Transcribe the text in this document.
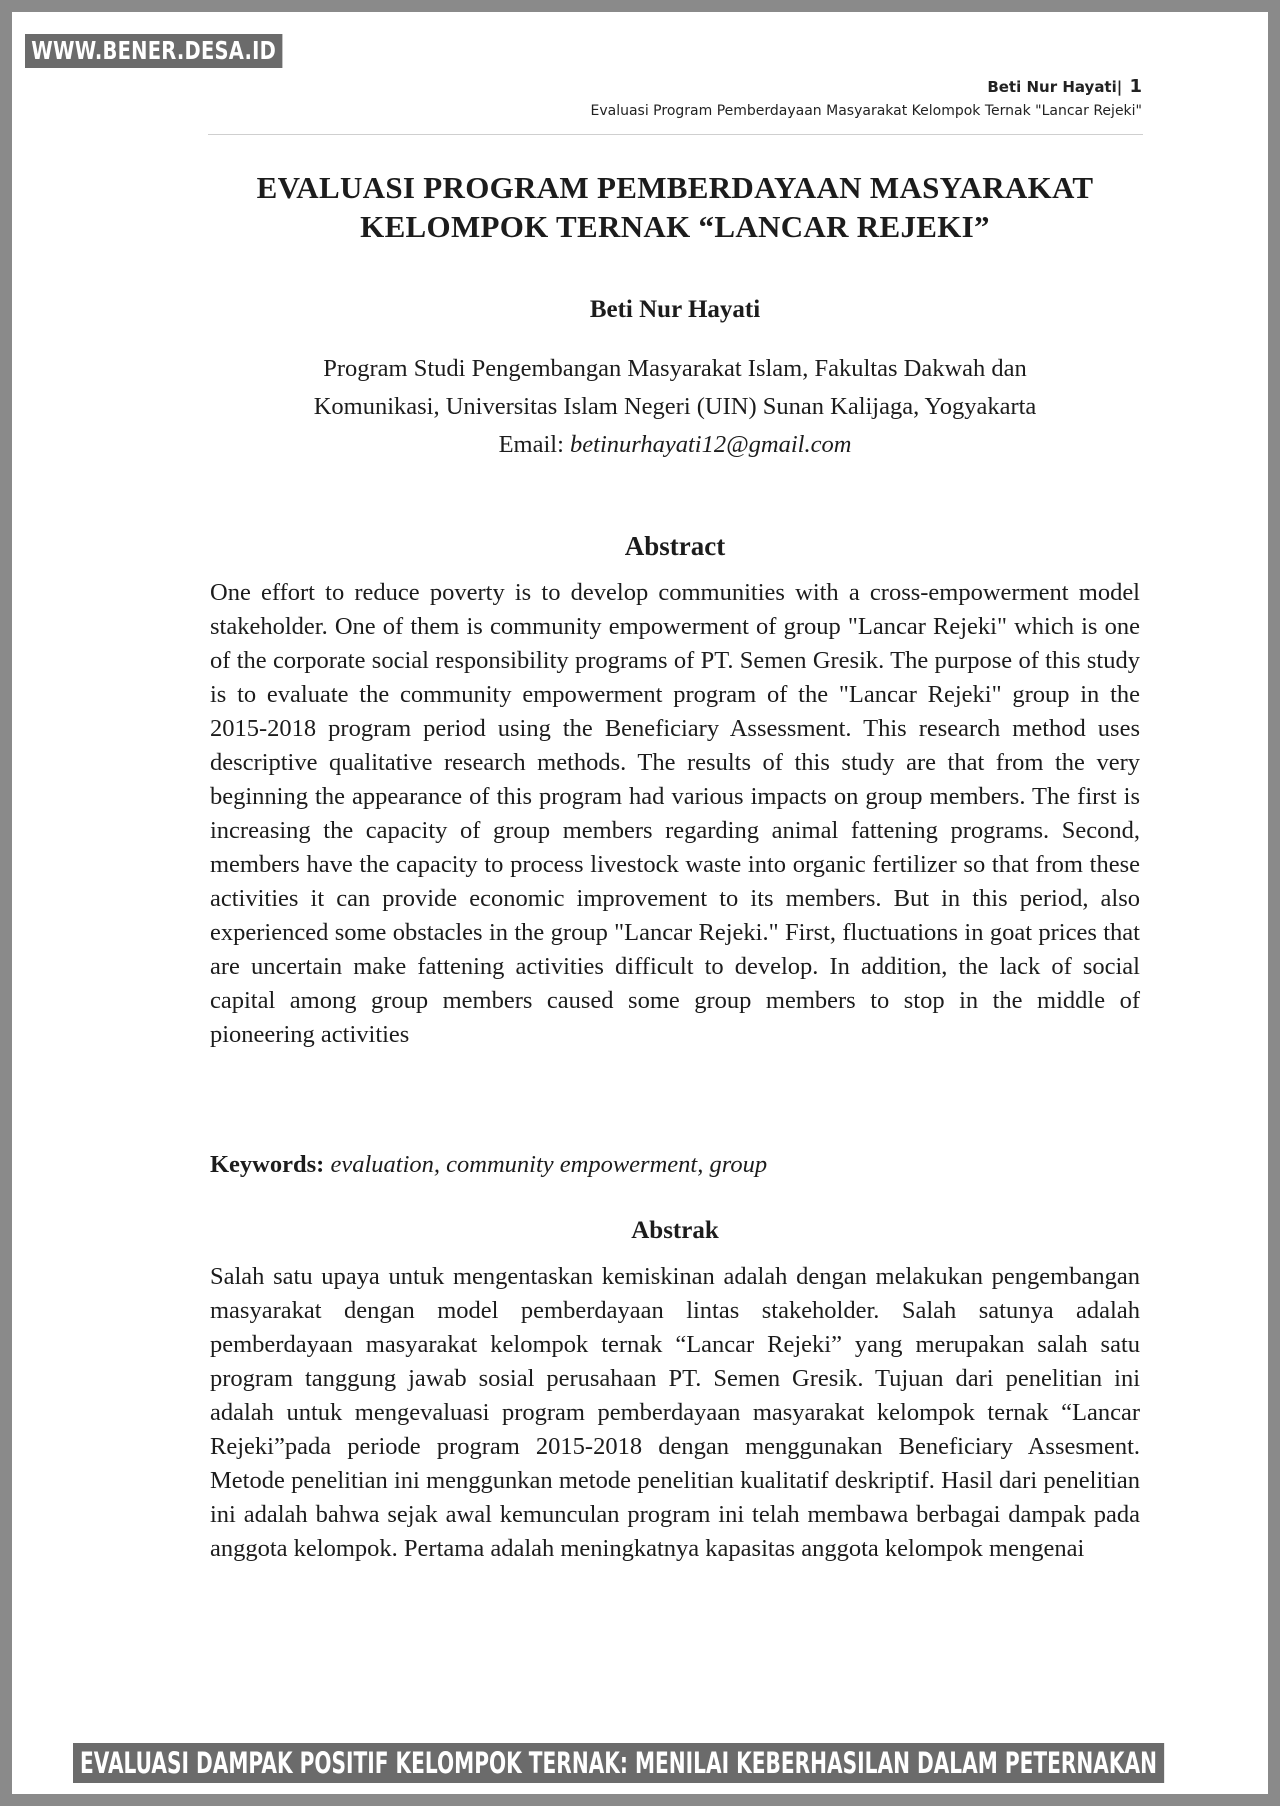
WWW.BENER.DESA.ID
Beti Nur Hayati| 1
Evaluasi Program Pemberdayaan Masyarakat Kelompok Ternak "Lancar Rejeki"
EVALUASI PROGRAM PEMBERDAYAAN MASYARAKAT
KELOMPOK TERNAK “LANCAR REJEKI”
Beti Nur Hayati
Program Studi Pengembangan Masyarakat Islam, Fakultas Dakwah dan
Komunikasi, Universitas Islam Negeri (UIN) Sunan Kalijaga, Yogyakarta
Email: betinurhayati12@gmail.com
Abstract
One effort to reduce poverty is to develop communities with a cross-empowerment model stakeholder. One of them is community empowerment of group "Lancar Rejeki" which is one of the corporate social responsibility programs of PT. Semen Gresik. The purpose of this study is to evaluate the community empowerment program of the "Lancar Rejeki" group in the 2015-2018 program period using the Beneficiary Assessment. This research method uses descriptive qualitative research methods. The results of this study are that from the very beginning the appearance of this program had various impacts on group members. The first is increasing the capacity of group members regarding animal fattening programs. Second, members have the capacity to process livestock waste into organic fertilizer so that from these activities it can provide economic improvement to its members. But in this period, also experienced some obstacles in the group "Lancar Rejeki." First, fluctuations in goat prices that are uncertain make fattening activities difficult to develop. In addition, the lack of social capital among group members caused some group members to stop in the middle of pioneering activities
Keywords: evaluation, community empowerment, group
Abstrak
Salah satu upaya untuk mengentaskan kemiskinan adalah dengan melakukan pengembangan masyarakat dengan model pemberdayaan lintas stakeholder. Salah satunya adalah pemberdayaan masyarakat kelompok ternak “Lancar Rejeki” yang merupakan salah satu program tanggung jawab sosial perusahaan PT. Semen Gresik. Tujuan dari penelitian ini adalah untuk mengevaluasi program pemberdayaan masyarakat kelompok ternak “Lancar Rejeki”pada periode program 2015-2018 dengan menggunakan Beneficiary Assesment. Metode penelitian ini menggunkan metode penelitian kualitatif deskriptif. Hasil dari penelitian ini adalah bahwa sejak awal kemunculan program ini telah membawa berbagai dampak pada anggota kelompok. Pertama adalah meningkatnya kapasitas anggota kelompok mengenai
EVALUASI DAMPAK POSITIF KELOMPOK TERNAK: MENILAI KEBERHASILAN DALAM PETERNAKAN
